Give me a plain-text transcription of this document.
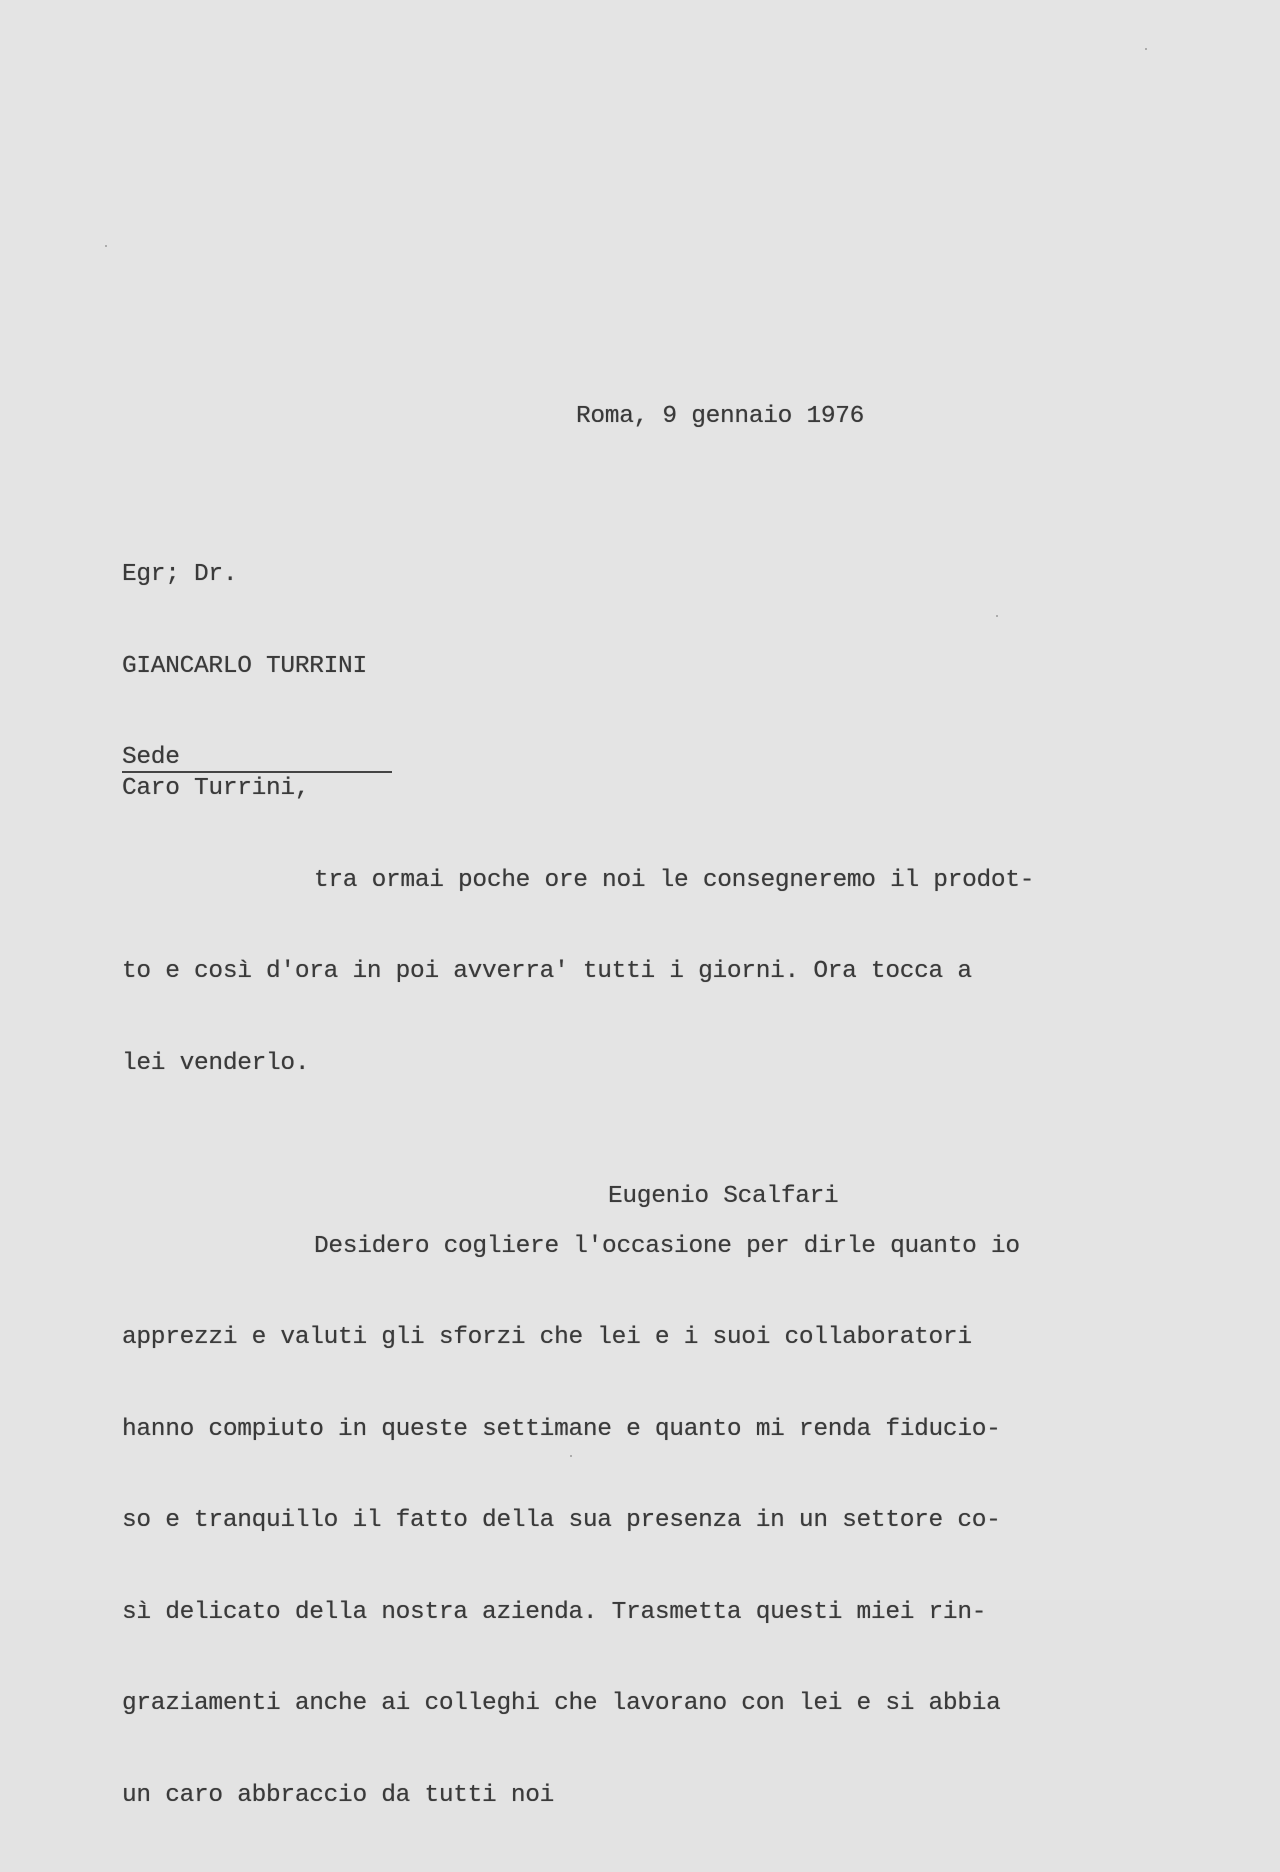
Roma, 9 gennaio 1976

Egr; Dr.

GIANCARLO TURRINI

Sede

Caro Turrini,

tra ormai poche ore noi le consegneremo il prodot-

to e così d'ora in poi avverra' tutti i giorni. Ora tocca a

lei venderlo.

Desidero cogliere l'occasione per dirle quanto io

apprezzi e valuti gli sforzi che lei e i suoi collaboratori

hanno compiuto in queste settimane e quanto mi renda fiducio-

so e tranquillo il fatto della sua presenza in un settore co-

sì delicato della nostra azienda. Trasmetta questi miei rin-

graziamenti anche ai colleghi che lavorano con lei e si abbia

un caro abbraccio da tutti noi

Eugenio Scalfari
